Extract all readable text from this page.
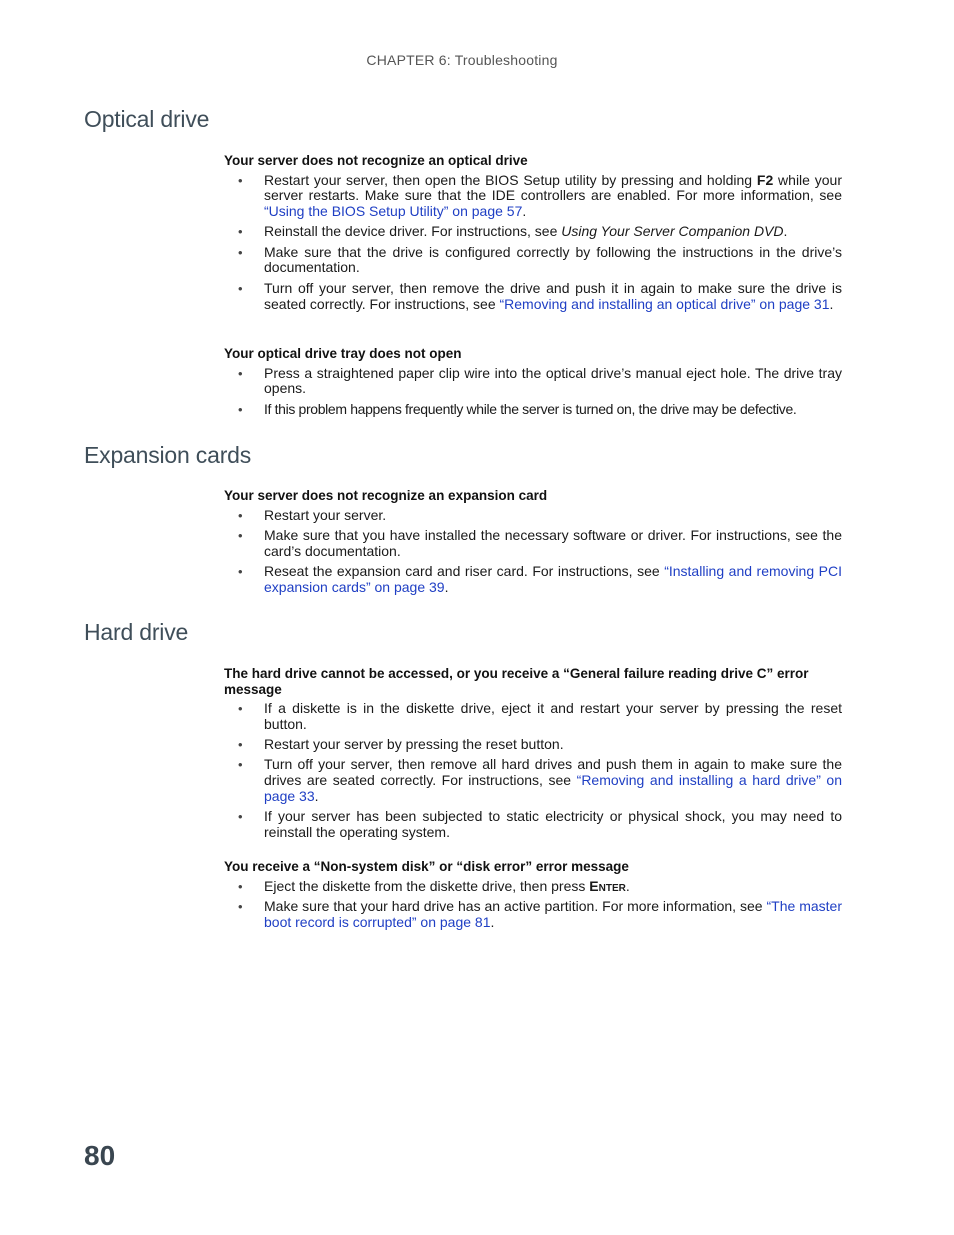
CHAPTER 6: Troubleshooting
Optical drive

Your server does not recognize an optical drive

• Restart your server, then open the BIOS Setup utility by pressing and holding F2 while your server restarts. Make sure that the IDE controllers are enabled. For more information, see “Using the BIOS Setup Utility” on page 57.
• Reinstall the device driver. For instructions, see Using Your Server Companion DVD.
• Make sure that the drive is configured correctly by following the instructions in the drive’s documentation.
• Turn off your server, then remove the drive and push it in again to make sure the drive is seated correctly. For instructions, see “Removing and installing an optical drive” on page 31.

Your optical drive tray does not open

• Press a straightened paper clip wire into the optical drive’s manual eject hole. The drive tray opens.
• If this problem happens frequently while the server is turned on, the drive may be defective.
Expansion cards

Your server does not recognize an expansion card

• Restart your server.
• Make sure that you have installed the necessary software or driver. For instructions, see the card’s documentation.
• Reseat the expansion card and riser card. For instructions, see “Installing and removing PCI expansion cards” on page 39.
Hard drive

The hard drive cannot be accessed, or you receive a “General failure reading drive C” error message

• If a diskette is in the diskette drive, eject it and restart your server by pressing the reset button.
• Restart your server by pressing the reset button.
• Turn off your server, then remove all hard drives and push them in again to make sure the drives are seated correctly. For instructions, see “Removing and installing a hard drive” on page 33.
• If your server has been subjected to static electricity or physical shock, you may need to reinstall the operating system.

You receive a “Non-system disk” or “disk error” error message

• Eject the diskette from the diskette drive, then press Enter.
• Make sure that your hard drive has an active partition. For more information, see “The master boot record is corrupted” on page 81.
80
